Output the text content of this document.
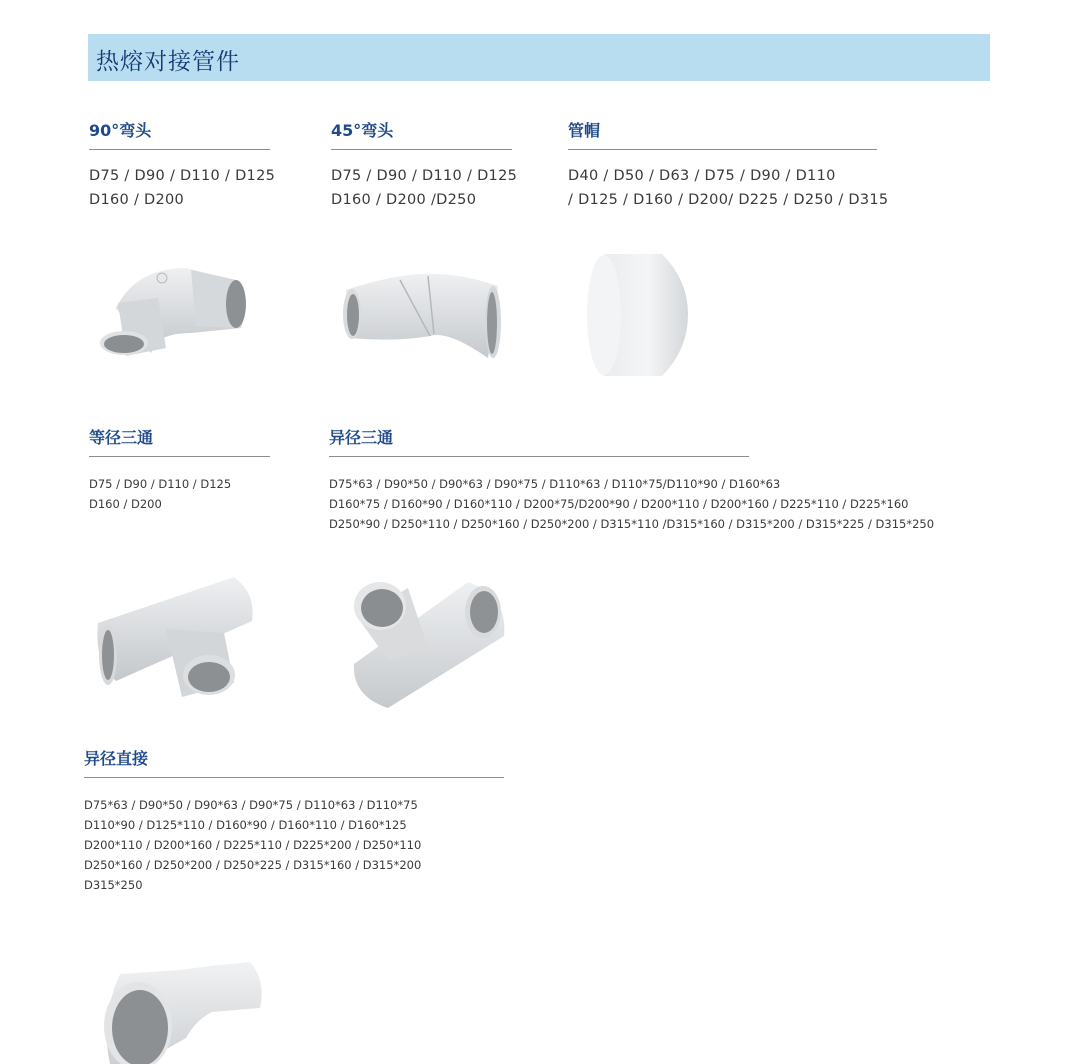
热熔对接管件
90°弯头
D75 / D90 / D110 / D125
D160 / D200
45°弯头
D75 / D90 / D110 / D125
D160 / D200 /D250
管帽
D40 / D50 / D63 / D75 / D90 / D110
/ D125 / D160 / D200/ D225 / D250 / D315
等径三通
D75 / D90 / D110 / D125
D160 / D200
异径三通
D75*63 / D90*50 / D90*63 / D90*75 / D110*63 / D110*75/D110*90 / D160*63
D160*75 / D160*90 / D160*110 / D200*75/D200*90 / D200*110 / D200*160 / D225*110 / D225*160
D250*90 / D250*110 / D250*160 / D250*200 / D315*110 /D315*160 / D315*200 / D315*225 / D315*250
异径直接
D75*63 / D90*50 / D90*63 / D90*75 / D110*63 / D110*75
D110*90 / D125*110 / D160*90 / D160*110 / D160*125
D200*110 / D200*160 / D225*110 / D225*200 / D250*110
D250*160 / D250*200 / D250*225 / D315*160 / D315*200
D315*250
